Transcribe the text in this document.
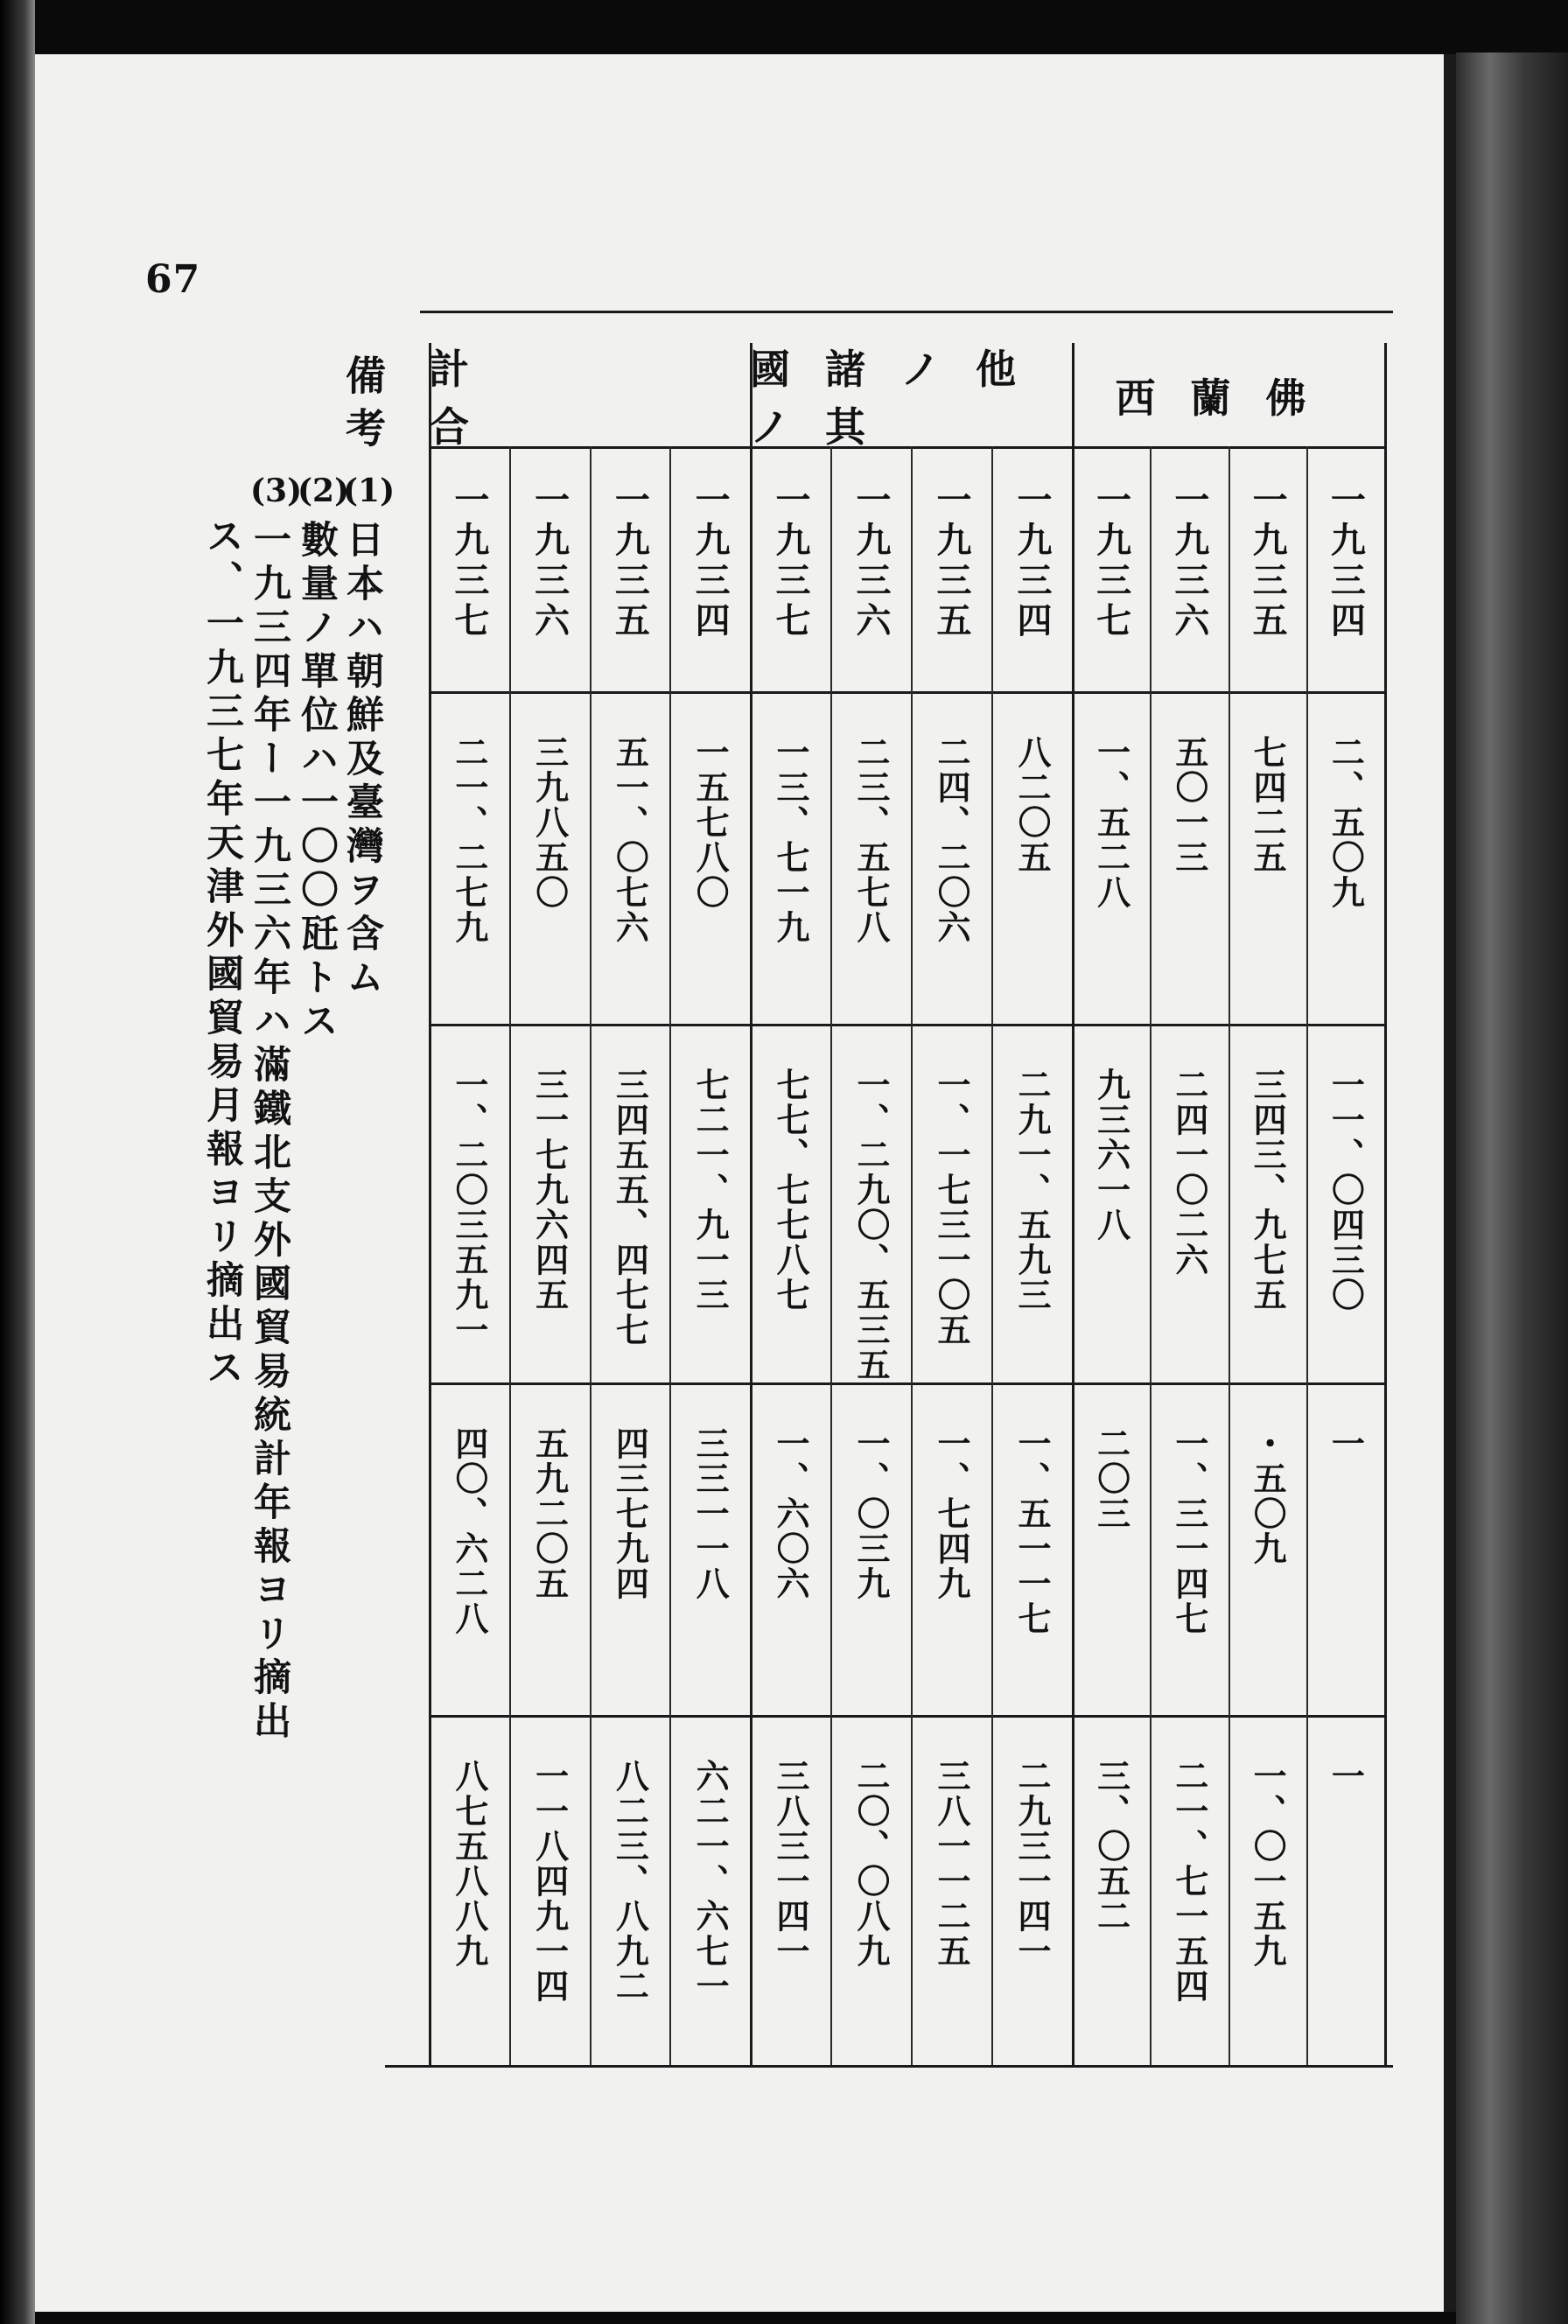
67
西蘭佛
國諸ノ他ノ其
計合
一九三四
二、五〇九
一一、〇四三〇
一
一
一九三五
七四二五
三四三、九七五
・五〇九
一、〇一五九
一九三六
五〇一三
二四一〇二六
一、三一四七
二一、七一五四
一九三七
一、五二八
九三六一八
二〇三
三、〇五二
一九三四
八二〇五
二九一、五九三
一、五一一七
二九三一四一
一九三五
二四、二〇六
一、一七三一〇五
一、七四九
三八一一二五
一九三六
二三、五七八
一、二九〇、五三五
一、〇三九
二〇、〇八九
一九三七
一三、七一九
七七、七七八七
一、六〇六
三八三一四一
一九三四
一五七八〇
七二一、九一三
三三一一八
六二一、六七一
一九三五
五一、〇七六
三四五五、四七七
四三七九四
八二三、八九二
一九三六
三九八五〇
三一七九六四五
五九二〇五
一一八四九一四
一九三七
二一、二七九
一、二〇三五九一
四〇、六二八
八七五八八九
備考
(1)
日本ハ朝鮮及臺灣ヲ含ム
(2)
數量ノ單位ハ一〇〇瓩トス
(3)
一九三四年ー一九三六年ハ滿鐵北支外國貿易統計年報ヨリ摘出
ス、一九三七年天津外國貿易月報ヨリ摘出ス
